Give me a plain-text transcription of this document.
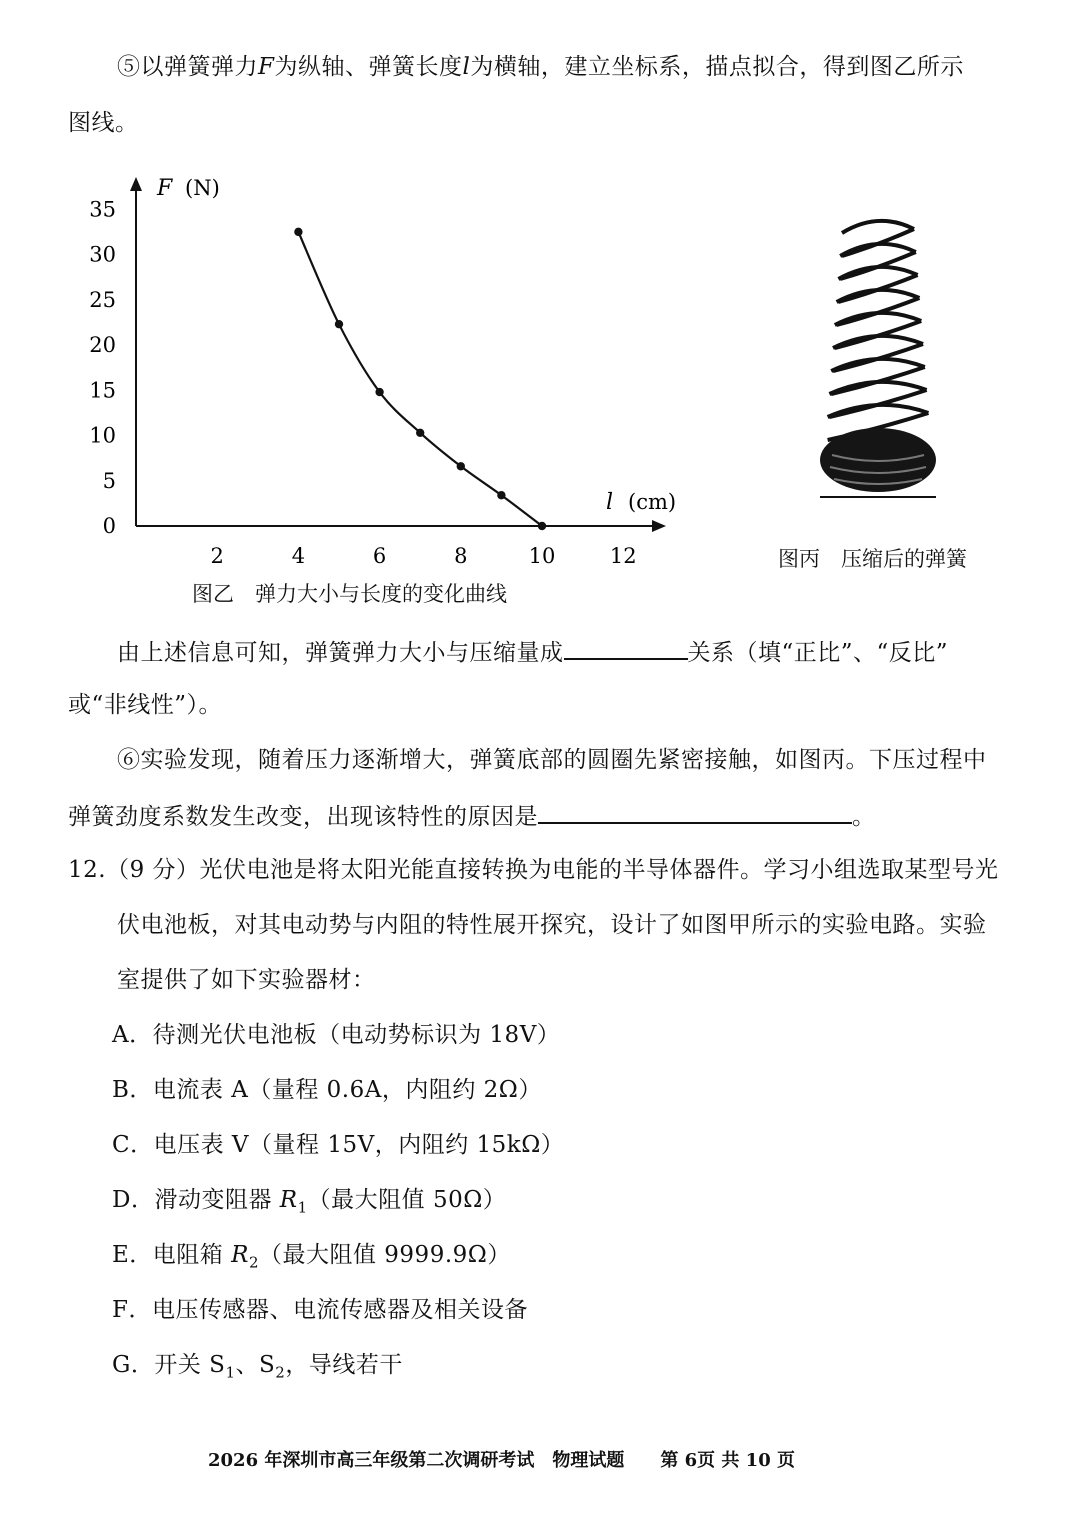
⑤以弹簧弹力F为纵轴、弹簧长度l为横轴，建立坐标系，描点拟合，得到图乙所示
图线。
0
5
10
15
20
25
30
35
2	4	6	8	10	12
F (N)
l (cm)
图乙　弹力大小与长度的变化曲线
图丙　压缩后的弹簧
由上述信息可知，弹簧弹力大小与压缩量成	关系（填“正比”、“反比”
或“非线性”）。
⑥实验发现，随着压力逐渐增大，弹簧底部的圆圈先紧密接触，如图丙。下压过程中
弹簧劲度系数发生改变，出现该特性的原因是	。
12.（9 分）光伏电池是将太阳光能直接转换为电能的半导体器件。学习小组选取某型号光
伏电池板，对其电动势与内阻的特性展开探究，设计了如图甲所示的实验电路。实验
室提供了如下实验器材：
A．待测光伏电池板（电动势标识为 18V）
B．电流表 A（量程 0.6A，内阻约 2Ω）
C．电压表 V（量程 15V，内阻约 15kΩ）
D．滑动变阻器 $R_1$（最大阻值 50Ω）
E．电阻箱 $R_2$（最大阻值 9999.9Ω）
F．电压传感器、电流传感器及相关设备
G．开关 $S_1$、$S_2$，导线若干
2026 年深圳市高三年级第二次调研考试　物理试题　　第 6页 共 10 页
